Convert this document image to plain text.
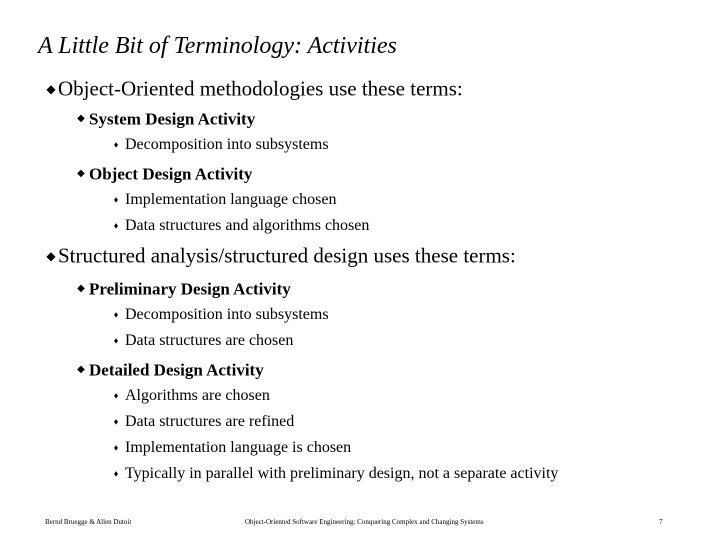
A Little Bit of Terminology: Activities
◆ Object-Oriented methodologies use these terms:
◆ System Design Activity
♦ Decomposition into subsystems
◆ Object Design Activity
♦ Implementation language chosen
♦ Data structures and algorithms chosen
◆ Structured analysis/structured design uses these terms:
◆ Preliminary Design Activity
♦ Decomposition into subsystems
♦ Data structures are chosen
◆ Detailed Design Activity
♦ Algorithms are chosen
♦ Data structures are refined
♦ Implementation language is chosen
♦ Typically in parallel with preliminary design, not a separate activity
Bernd Bruegge & Allen Dutoit	Object-Oriented Software Engineering: Conquering Complex and Changing Systems	7
